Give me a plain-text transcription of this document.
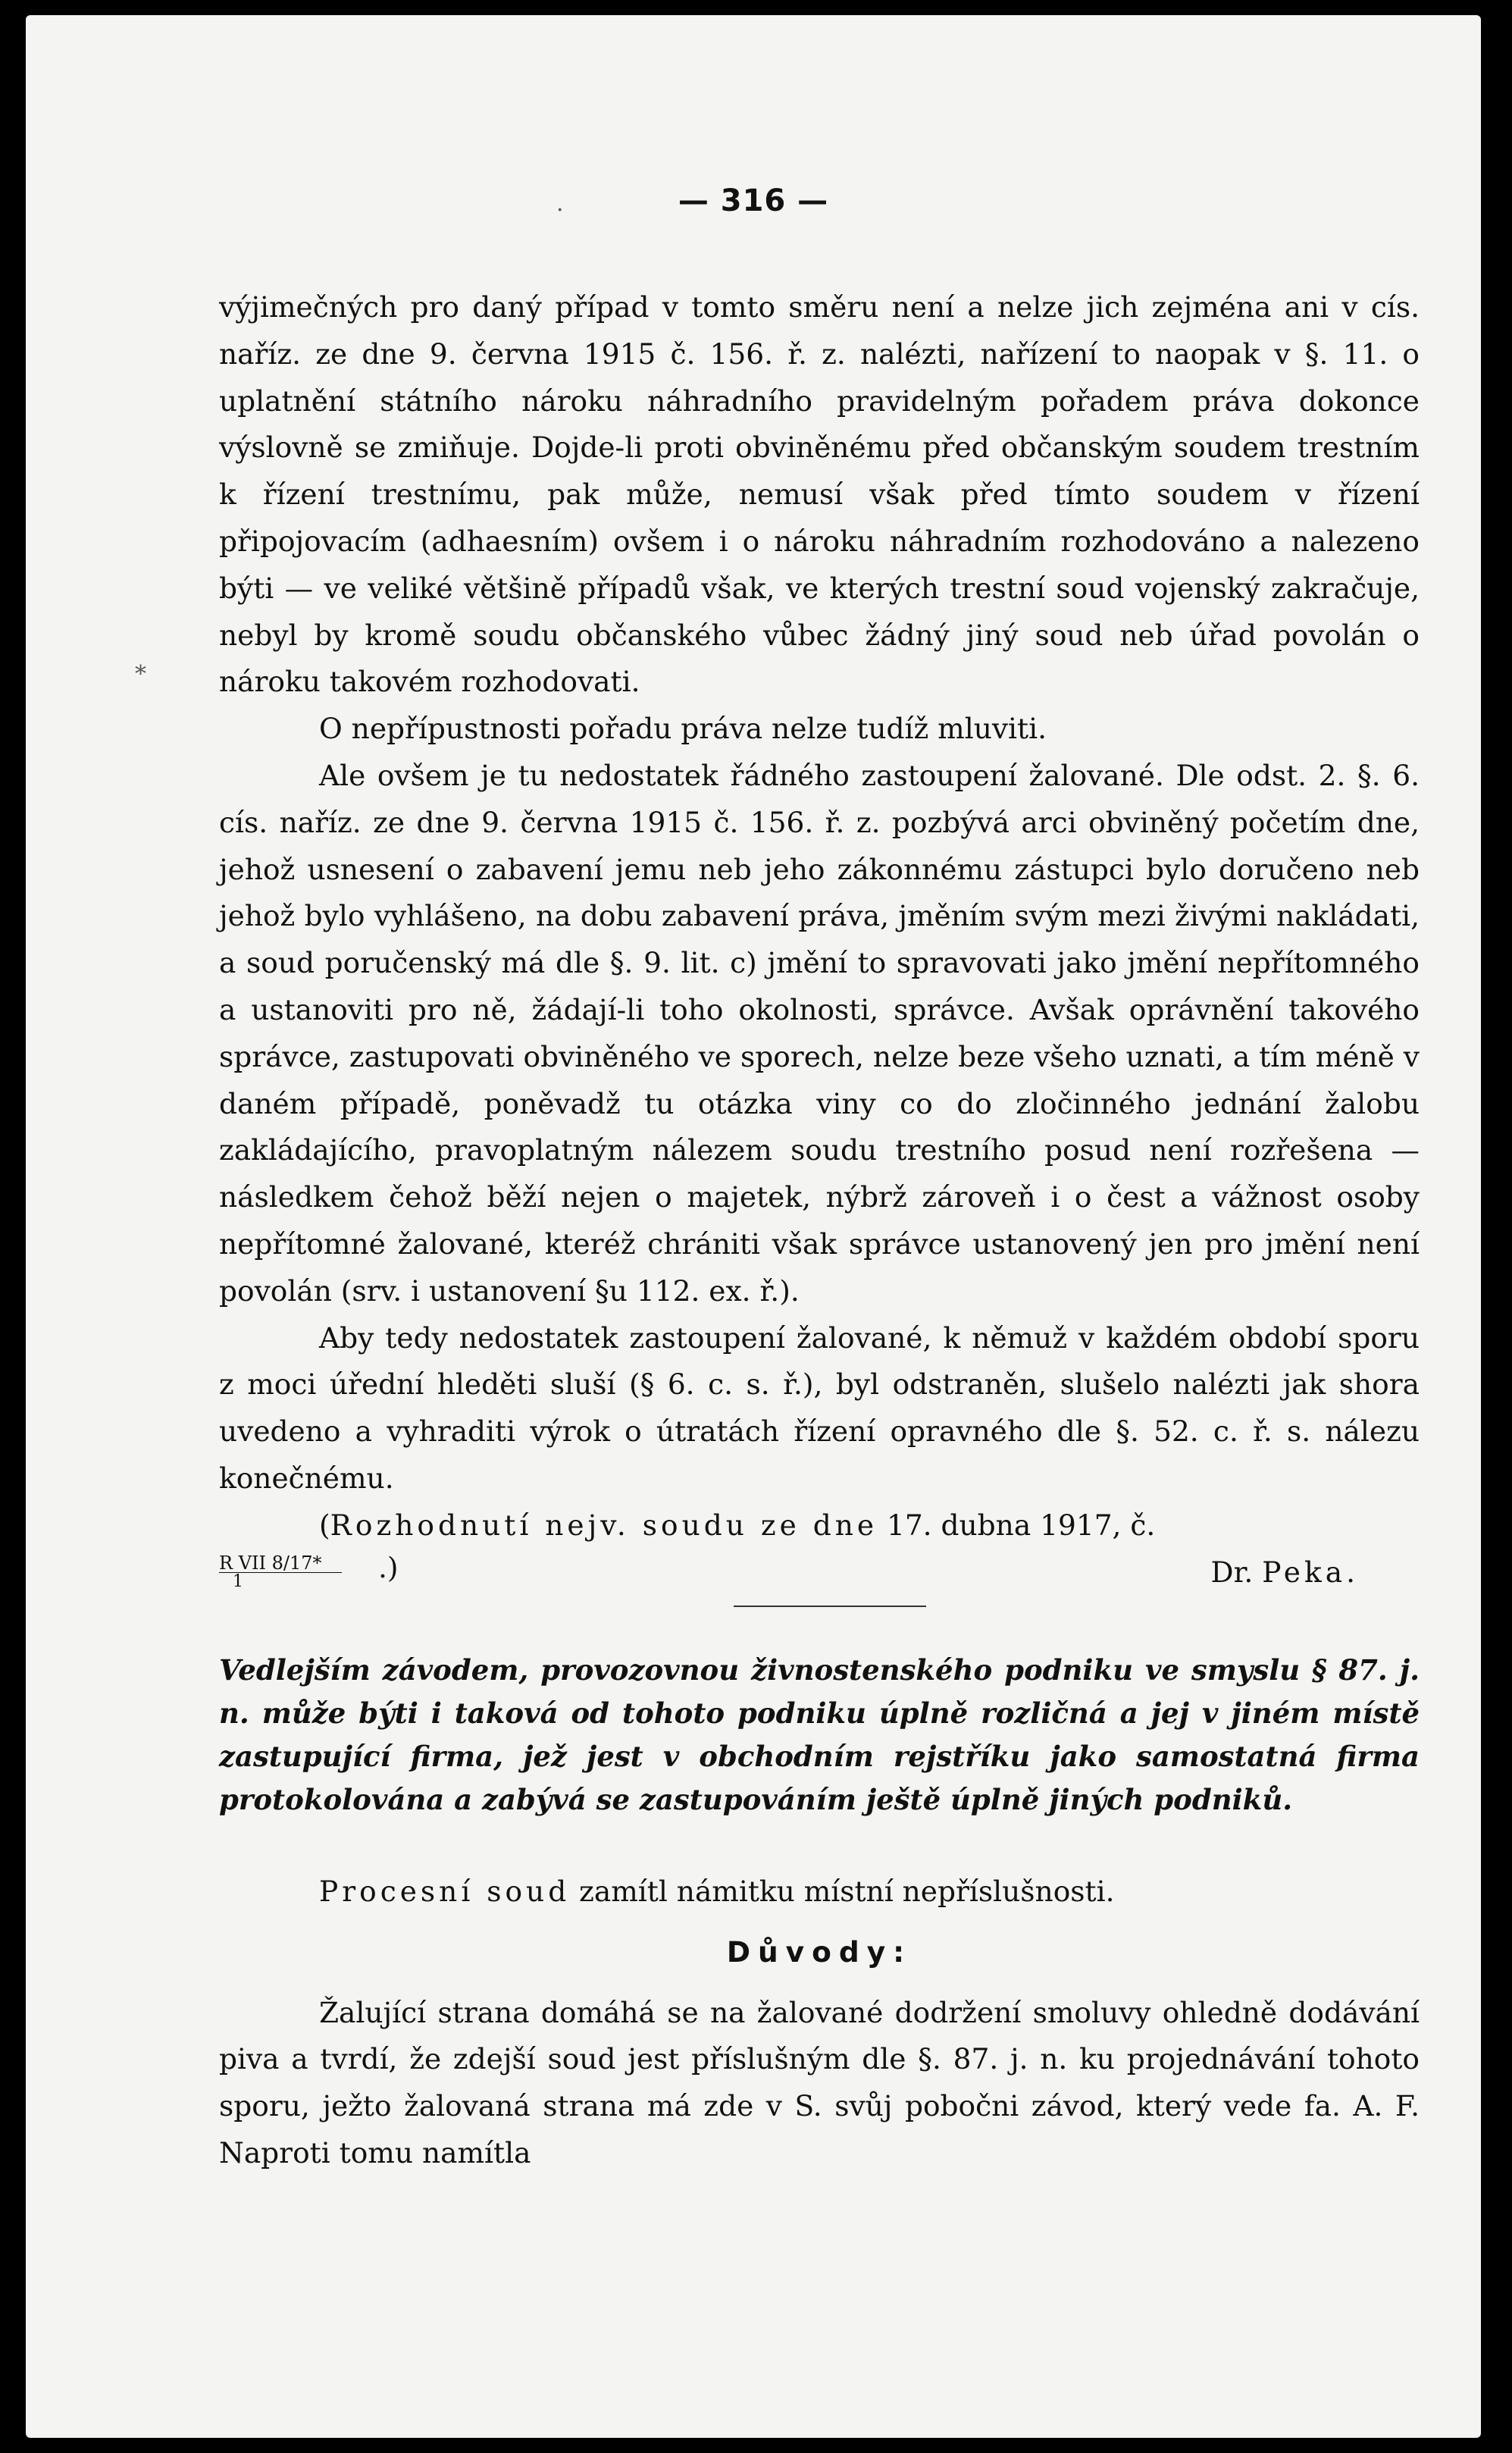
— 316 —
*
·

výjimečných pro daný případ v tomto směru není a nelze jich zejména ani v cís. naříz. ze dne 9. června 1915 č. 156. ř. z. nalézti, nařízení to naopak v §. 11. o uplatnění státního nároku náhradního pravidelným pořadem práva dokonce výslovně se zmiňuje. Dojde-li proti obviněnému před občanským soudem trestním k řízení trestnímu, pak může, nemusí však před tímto soudem v řízení připojovacím (adhaesním) ovšem i o nároku náhradním rozhodováno a nalezeno býti — ve veliké většině případů však, ve kterých trestní soud vojenský zakračuje, nebyl by kromě soudu občanského vůbec žádný jiný soud neb úřad povolán o nároku takovém rozhodovati.

O nepřípustnosti pořadu práva nelze tudíž mluviti.

Ale ovšem je tu nedostatek řádného zastoupení žalované. Dle odst. 2. §. 6. cís. naříz. ze dne 9. června 1915 č. 156. ř. z. pozbývá arci obviněný početím dne, jehož usnesení o zabavení jemu neb jeho zákonnému zástupci bylo doručeno neb jehož bylo vyhlášeno, na dobu zabavení práva, jměním svým mezi živými nakládati, a soud poručenský má dle §. 9. lit. c) jmění to spravovati jako jmění nepřítomného a ustanoviti pro ně, žádají-li toho okolnosti, správce. Avšak oprávnění takového správce, zastupovati obviněného ve sporech, nelze beze všeho uznati, a tím méně v daném případě, poněvadž tu otázka viny co do zločinného jednání žalobu zakládajícího, pravoplatným nálezem soudu trestního posud není rozřešena — následkem čehož běží nejen o majetek, nýbrž zároveň i o čest a vážnost osoby nepřítomné žalované, kteréž chrániti však správce ustanovený jen pro jmění není povolán (srv. i ustanovení §u 112. ex. ř.).

Aby tedy nedostatek zastoupení žalované, k němuž v každém období sporu z moci úřední hleděti sluší (§ 6. c. s. ř.), byl odstraněn, slušelo nalézti jak shora uvedeno a vyhraditi výrok o útratách řízení opravného dle §. 52. c. ř. s. nálezu konečnému.

(Rozhodnutí nejv. soudu ze dne 17. dubna 1917, č.

R VII 8/17*
1	.)	Dr. Peka.
Vedlejším závodem, provozovnou živnostenského podniku ve smyslu § 87. j. n. může býti i taková od tohoto podniku úplně rozličná a jej v jiném místě zastupující firma, jež jest v obchodním rejstříku jako samostatná firma protokolována a zabývá se zastupováním ještě úplně jiných podniků.

Procesní soud zamítl námitku místní nepříslušnosti.

Důvody:

Žalující strana domáhá se na žalované dodržení smoluvy ohledně dodávání piva a tvrdí, že zdejší soud jest příslušným dle §. 87. j. n. ku projednávání tohoto sporu, ježto žalovaná strana má zde v S. svůj pobočni závod, který vede fa. A. F. Naproti tomu namítla
